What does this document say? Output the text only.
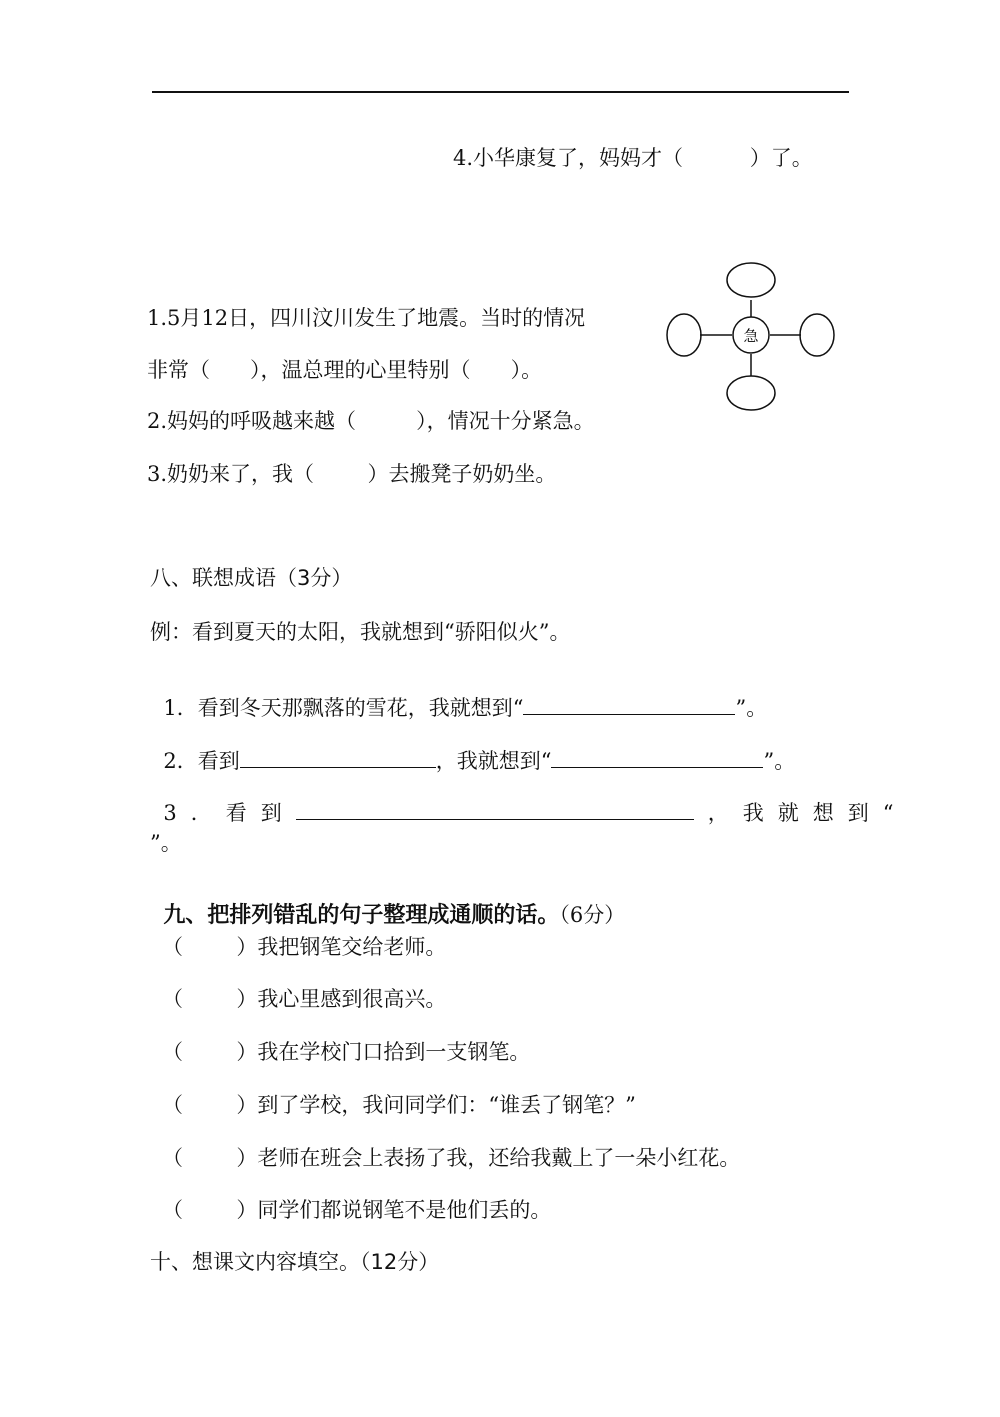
4.小华康复了，妈妈才（          ）了。
急
1.5月12日，四川汶川发生了地震。当时的情况
非常（      ），温总理的心里特别（      ）。
2.妈妈的呼吸越来越（         ），情况十分紧急。
3.奶奶来了，我（        ）去搬凳子奶奶坐。
八、联想成语（3分）
例：看到夏天的太阳，我就想到“骄阳似火”。

1．看到冬天那飘落的雪花，我就想到“	”。

2．看到	，我就想到“	”。

3．看到	，我就想到“

”。

九、把排列错乱的句子整理成通顺的话。（6分）

（        ）我把钢笔交给老师。
（        ）我心里感到很高兴。
（        ）我在学校门口拾到一支钢笔。
（        ）到了学校，我问同学们：“谁丢了钢笔？”
（        ）老师在班会上表扬了我，还给我戴上了一朵小红花。
（        ）同学们都说钢笔不是他们丢的。
十、想课文内容填空。（12分）
